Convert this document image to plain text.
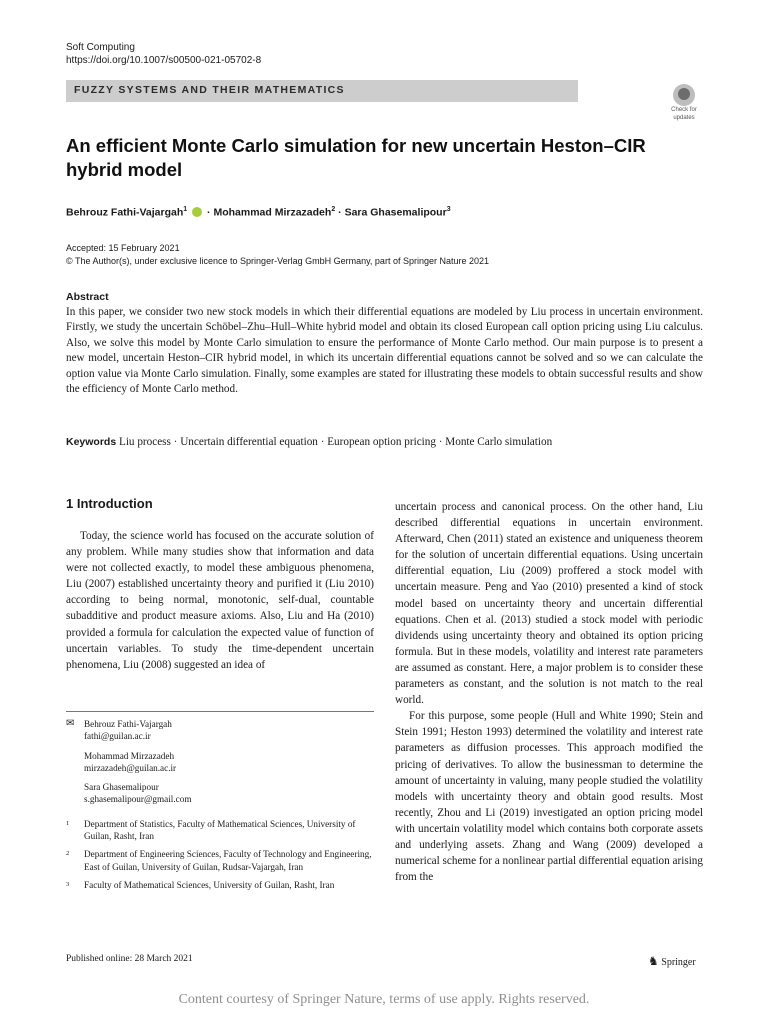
Soft Computing
https://doi.org/10.1007/s00500-021-05702-8
FUZZY SYSTEMS AND THEIR MATHEMATICS
Check for
updates
An efficient Monte Carlo simulation for new uncertain Heston–CIR hybrid model
Behrouz Fathi-Vajargah$^1$  · Mohammad Mirzazadeh$^2$ · Sara Ghasemalipour$^3$
Accepted: 15 February 2021
© The Author(s), under exclusive licence to Springer-Verlag GmbH Germany, part of Springer Nature 2021
Abstract
In this paper, we consider two new stock models in which their differential equations are modeled by Liu process in uncertain environment. Firstly, we study the uncertain Schöbel–Zhu–Hull–White hybrid model and obtain its closed European call option pricing using Liu calculus. Also, we solve this model by Monte Carlo simulation to ensure the performance of Monte Carlo method. Our main purpose is to present a new model, uncertain Heston–CIR hybrid model, in which its uncertain differential equations cannot be solved and so we can calculate the option value via Monte Carlo simulation. Finally, some examples are stated for illustrating these models to obtain successful results and show the efficiency of Monte Carlo method.
Keywords Liu process · Uncertain differential equation · European option pricing · Monte Carlo simulation
1 Introduction
Today, the science world has focused on the accurate solution of any problem. While many studies show that information and data were not collected exactly, to model these ambiguous phenomena, Liu (2007) established uncertainty theory and purified it (Liu 2010) according to being normal, monotonic, self-dual, countable subadditive and product measure axioms. Also, Liu and Ha (2010) provided a formula for calculation the expected value of function of uncertain variables. To study the time-dependent uncertain phenomena, Liu (2008) suggested an idea of
uncertain process and canonical process. On the other hand, Liu described differential equations in uncertain environment. Afterward, Chen (2011) stated an existence and uniqueness theorem for the solution of uncertain differential equations. Using uncertain differential equation, Liu (2009) proffered a stock model with uncertain measure. Peng and Yao (2010) presented a kind of stock model based on uncertainty theory and uncertain differential equations. Chen et al. (2013) studied a stock model with periodic dividends using uncertainty theory and obtained its option pricing formula. But in these models, volatility and interest rate parameters are assumed as constant. Here, a major problem is to consider these parameters as constant, and the solution is not match to the real world.
For this purpose, some people (Hull and White 1990; Stein and Stein 1991; Heston 1993) determined the volatility and interest rate parameters as diffusion processes. This approach modified the pricing of derivatives. To allow the businessman to determine the amount of uncertainty in valuing, many people studied the volatility models with uncertainty theory and obtain good results. Most recently, Zhou and Li (2019) investigated an option pricing model with uncertain volatility model which contains both corporate assets and underlying assets. Zhang and Wang (2009) developed a numerical scheme for a nonlinear partial differential equation arising from the
✉	Behrouz Fathi-Vajargah
fathi@guilan.ac.ir
Mohammad Mirzazadeh
mirzazadeh@guilan.ac.ir
Sara Ghasemalipour
s.ghasemalipour@gmail.com
1	Department of Statistics, Faculty of Mathematical Sciences, University of Guilan, Rasht, Iran
2	Department of Engineering Sciences, Faculty of Technology and Engineering, East of Guilan, University of Guilan, Rudsar-Vajargah, Iran
3	Faculty of Mathematical Sciences, University of Guilan, Rasht, Iran
Published online: 28 March 2021	♞ Springer
Content courtesy of Springer Nature, terms of use apply. Rights reserved.
